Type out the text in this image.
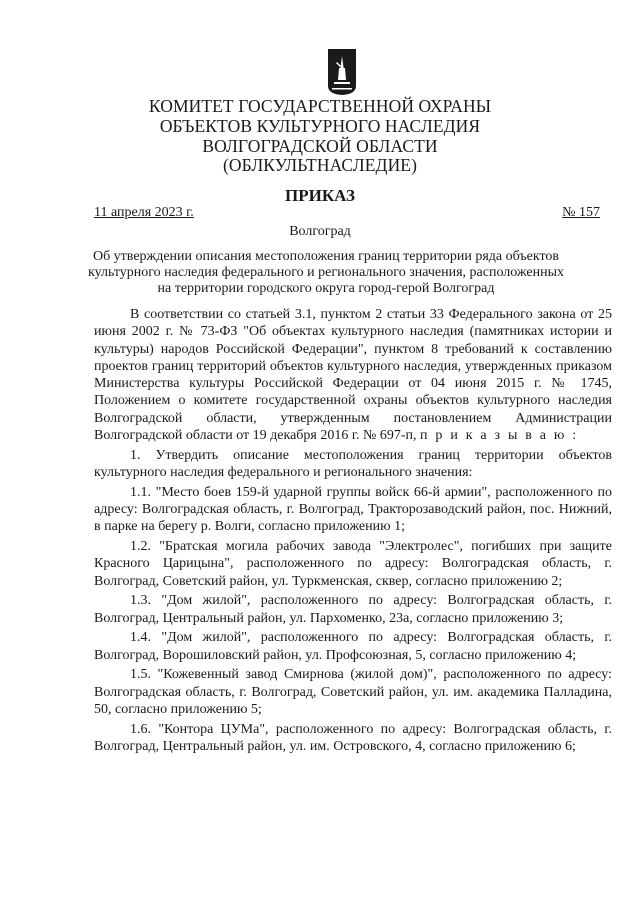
КОМИТЕТ ГОСУДАРСТВЕННОЙ ОХРАНЫ
ОБЪЕКТОВ КУЛЬТУРНОГО НАСЛЕДИЯ
ВОЛГОГРАДСКОЙ ОБЛАСТИ
(ОБЛКУЛЬТНАСЛЕДИЕ)
ПРИКАЗ
11 апреля 2023 г.	№ 157
Волгоград
Об утверждении описания местоположения границ территории ряда объектов
культурного наследия федерального и регионального значения, расположенных
на территории городского округа город-герой Волгоград

В соответствии со статьей 3.1, пунктом 2 статьи 33 Федерального закона от 25 июня 2002 г. № 73-ФЗ "Об объектах культурного наследия (памятниках истории и культуры) народов Российской Федерации", пунктом 8 требований к составлению проектов границ территорий объектов культурного наследия, утвержденных приказом Министерства культуры Российской Федерации от 04 июня 2015 г. № 1745, Положением о комитете государственной охраны объектов культурного наследия Волгоградской области, утвержденным постановлением Администрации Волгоградской области от 19 декабря 2016 г. № 697-п, п р и к а з ы в а ю :

1. Утвердить описание местоположения границ территории объектов культурного наследия федерального и регионального значения:

1.1. "Место боев 159-й ударной группы войск 66-й армии", расположенного по адресу: Волгоградская область, г. Волгоград, Тракторозаводский район, пос. Нижний, в парке на берегу р. Волги, согласно приложению 1;

1.2. "Братская могила рабочих завода "Электролес", погибших при защите Красного Царицына", расположенного по адресу: Волгоградская область, г. Волгоград, Советский район, ул. Туркменская, сквер, согласно приложению 2;

1.3. "Дом жилой", расположенного по адресу: Волгоградская область, г. Волгоград, Центральный район, ул. Пархоменко, 23а, согласно приложению 3;

1.4. "Дом жилой", расположенного по адресу: Волгоградская область, г. Волгоград, Ворошиловский район, ул. Профсоюзная, 5, согласно приложению 4;

1.5. "Кожевенный завод Смирнова (жилой дом)", расположенного по адресу: Волгоградская область, г. Волгоград, Советский район, ул. им. академика Палладина, 50, согласно приложению 5;

1.6. "Контора ЦУМа", расположенного по адресу: Волгоградская область, г. Волгоград, Центральный район, ул. им. Островского, 4, согласно приложению 6;
